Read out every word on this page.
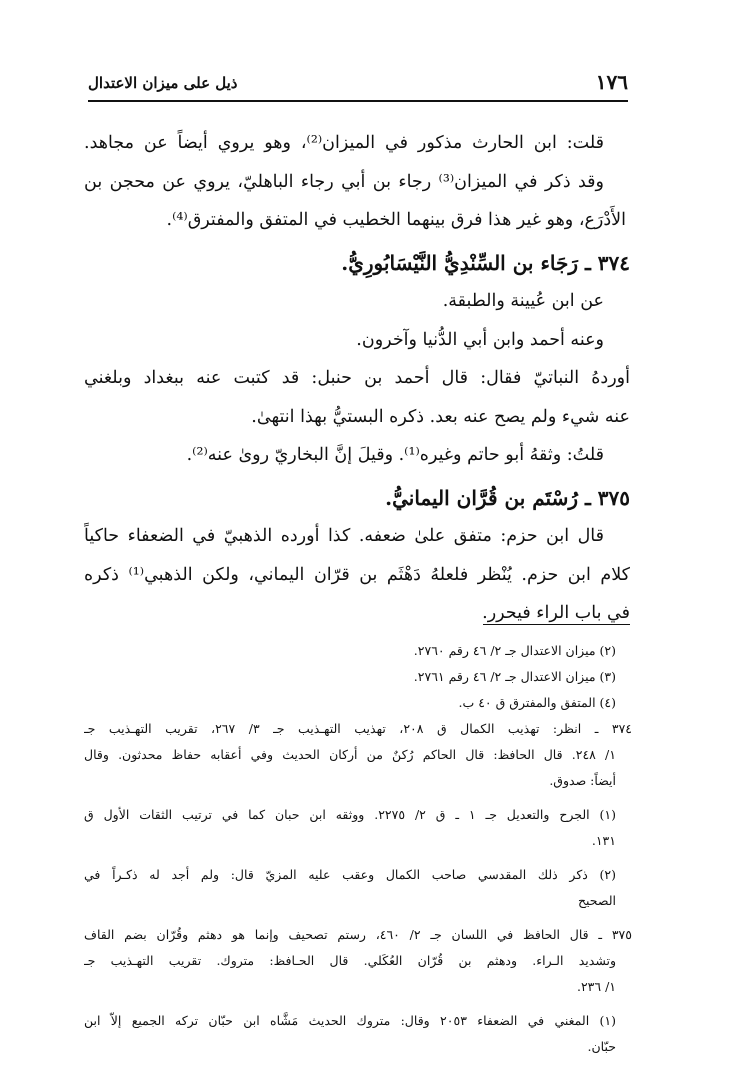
١٧٦
ذيل على ميزان الاعتدال
قلت: ابن الحارث مذكور في الميزان⁽²⁾، وهو يروي أيضاً عن مجاهد.
وقد ذكر في الميزان⁽³⁾ رجاء بن أبي رجاء الباهليّ، يروي عن محجن بن
الأَدْرَع، وهو غير هذا فرق بينهما الخطيب في المتفق والمفترق⁽⁴⁾.
٣٧٤ ـ رَجَاء بن السِّنْدِيُّ النَّيْسَابُورِيُّ.
عن ابن عُيينة والطبقة.
وعنه أحمد وابن أبي الدُّنيا وآخرون.
أوردهُ النباتيّ فقال: قال أحمد بن حنبل: قد كتبت عنه ببغداد وبلغني
عنه شيء ولم يصح عنه بعد. ذكره البستيُّ بهذا انتهىٰ.
قلتُ: وثقهُ أبو حاتم وغيره⁽¹⁾. وقيلَ إنَّ البخاريّ روىٰ عنه⁽²⁾.
٣٧٥ ـ رُسْتَم بن قُرَّان اليمانيُّ.
قال ابن حزم: متفق علىٰ ضعفه. كذا أورده الذهبيّ في الضعفاء حاكياً
كلام ابن حزم. يُنْظر فلعلهُ دَهْثَم بن قرّان اليماني، ولكن الذهبي⁽¹⁾ ذكره
في باب الراء فيحرر.
(٢) ميزان الاعتدال جـ ٢/ ٤٦ رقم ٢٧٦٠.
(٣) ميزان الاعتدال جـ ٢/ ٤٦ رقم ٢٧٦١.
(٤) المتفق والمفترق ق ٤٠ ب.
٣٧٤ ـ انظر: تهذيب الكمال ق ٢٠٨، تهذيب التهـذيب جـ ٣/ ٢٦٧، تقريب التهـذيب جـ
١/ ٢٤٨. قال الحافظ: قال الحاكم رُكنٌ من أركان الحديث وفي أعقابه حفاظ محدثون. وقال
أيضاً: صدوق.
(١) الجرح والتعديل جـ ١ ـ ق ٢/ ٢٢٧٥. ووثقه ابن حبان كما في ترتيب الثقات الأول ق
١٣١.
(٢) ذكر ذلك المقدسي صاحب الكمال وعقب عليه المزيّ قال: ولم أجد له ذكـراً في
الصحيح
٣٧٥ ـ قال الحافظ في اللسان جـ ٢/ ٤٦٠، رستم تصحيف وإنما هو دهثم وقُرّان بضم القاف
وتشديد الـراء. ودهثم بن قُرّان العُكَلي. قال الحـافظ: متروك. تقريب التهـذيب جـ
١/ ٢٣٦.
(١) المغني في الضعفاء ٢٠٥٣ وقال: متروك الحديث مَشَّاه ابن حبّان تركه الجميع إلاّ ابن
حبّان.
